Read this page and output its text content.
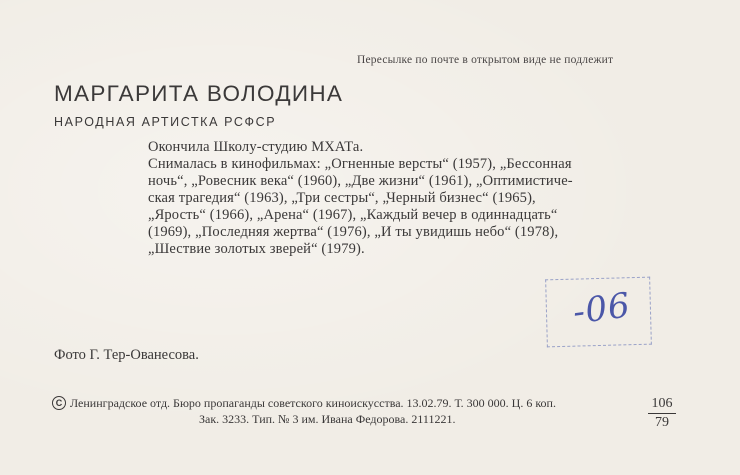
Пересылке по почте в открытом виде не подлежит
МАРГАРИТА ВОЛОДИНА
НАРОДНАЯ АРТИСТКА РСФСР
Окончила Школу-студию МХАТа.
Снималась в кинофильмах: „Огненные версты“ (1957), „Бессонная
ночь“, „Ровесник века“ (1960), „Две жизни“ (1961), „Оптимистиче-
ская трагедия“ (1963), „Три сестры“, „Черный бизнес“ (1965),
„Ярость“ (1966), „Арена“ (1967), „Каждый вечер в одиннадцать“
(1969), „Последняя жертва“ (1976), „И ты увидишь небо“ (1978),
„Шествие золотых зверей“ (1979).
-06
Фото Г. Тер-Ованесова.
C Ленинградское отд. Бюро пропаганды советского киноискусства. 13.02.79. Т. 300 000. Ц. 6 коп.
Зак. 3233. Тип. № 3 им. Ивана Федорова. 2111221.	$\frac{106}{79}$
